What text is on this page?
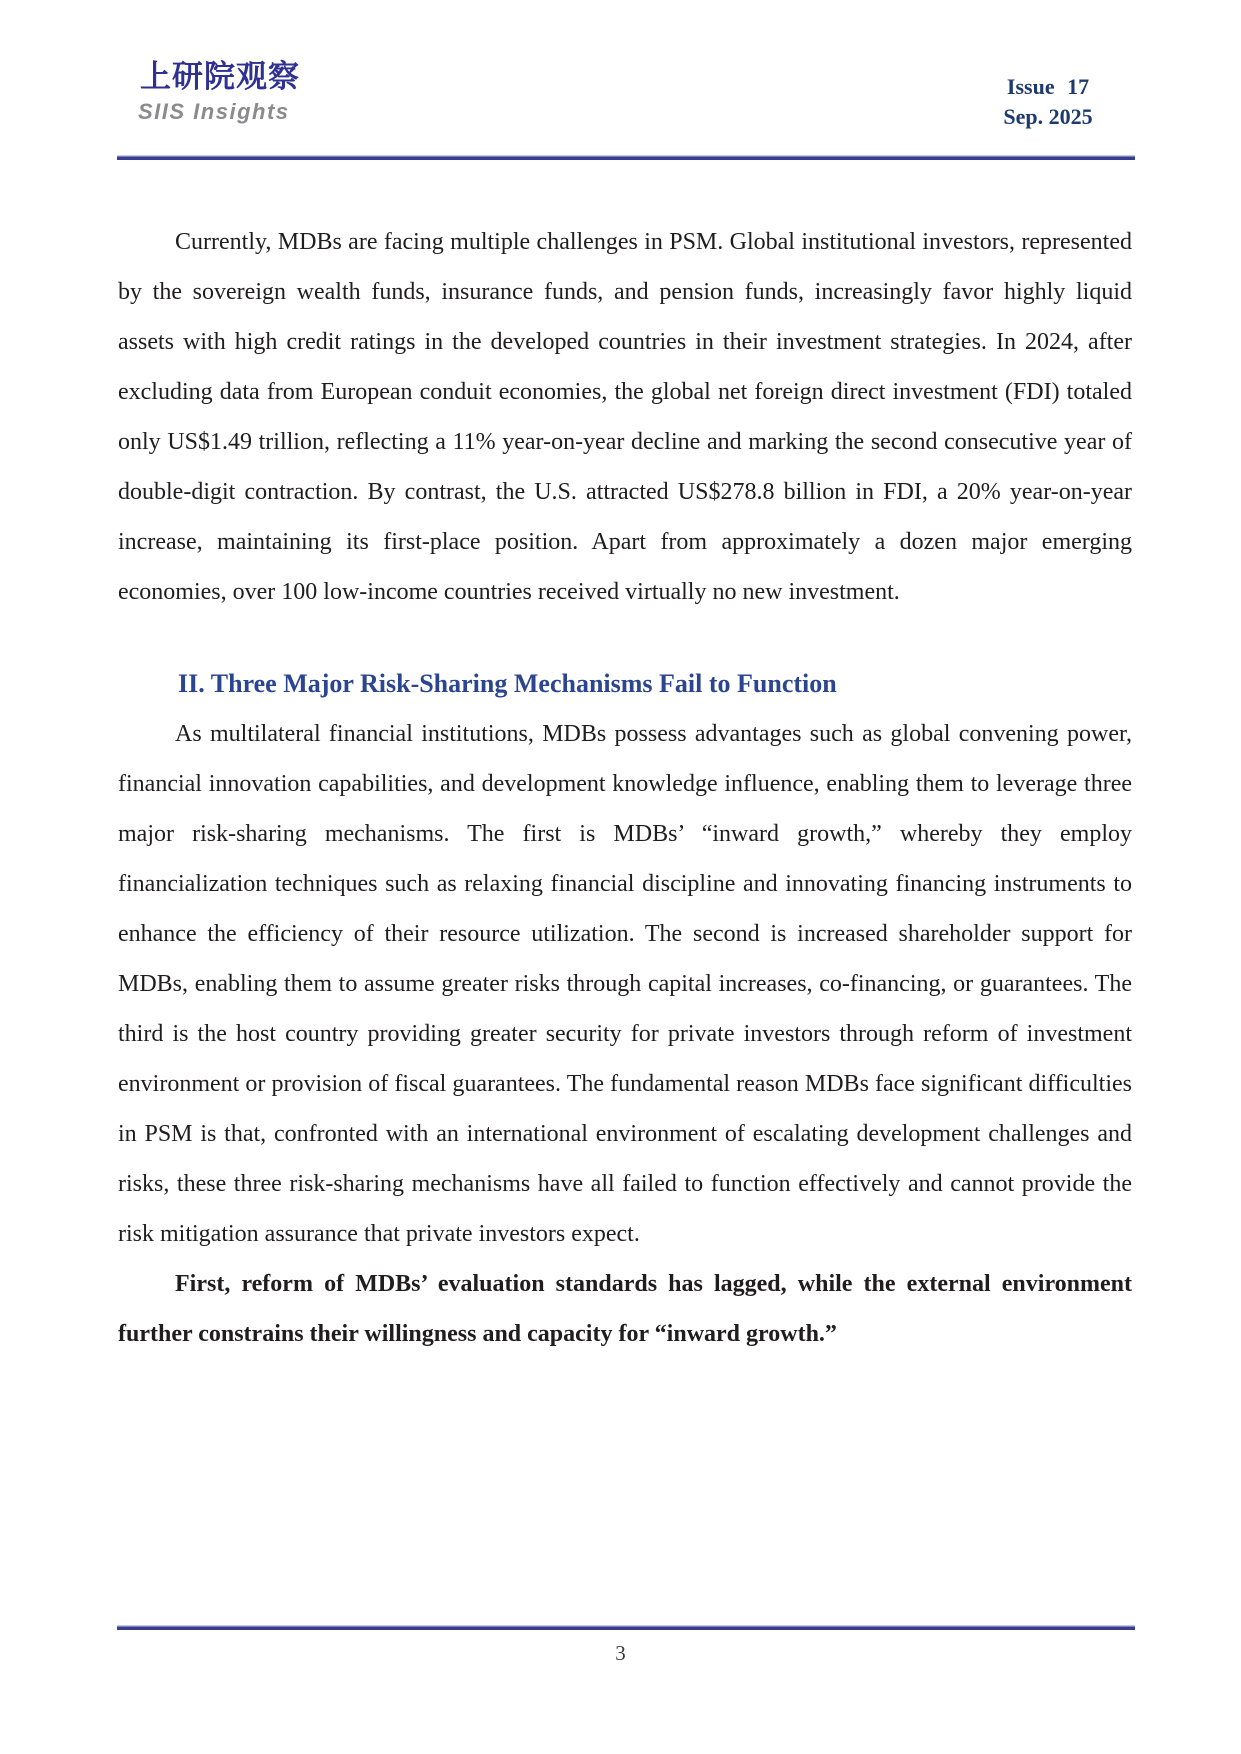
上研院观察
SIIS Insights
Issue 17
Sep. 2025

Currently, MDBs are facing multiple challenges in PSM. Global institutional investors, represented by the sovereign wealth funds, insurance funds, and pension funds, increasingly favor highly liquid assets with high credit ratings in the developed countries in their investment strategies. In 2024, after excluding data from European conduit economies, the global net foreign direct investment (FDI) totaled only US$1.49 trillion, reflecting a 11% year-on-year decline and marking the second consecutive year of double-digit contraction. By contrast, the U.S. attracted US$278.8 billion in FDI, a 20% year-on-year increase, maintaining its first-place position. Apart from approximately a dozen major emerging economies, over 100 low-income countries received virtually no new investment.

II. Three Major Risk-Sharing Mechanisms Fail to Function

As multilateral financial institutions, MDBs possess advantages such as global convening power, financial innovation capabilities, and development knowledge influence, enabling them to leverage three major risk-sharing mechanisms. The first is MDBs’ “inward growth,” whereby they employ financialization techniques such as relaxing financial discipline and innovating financing instruments to enhance the efficiency of their resource utilization. The second is increased shareholder support for MDBs, enabling them to assume greater risks through capital increases, co-financing, or guarantees. The third is the host country providing greater security for private investors through reform of investment environment or provision of fiscal guarantees. The fundamental reason MDBs face significant difficulties in PSM is that, confronted with an international environment of escalating development challenges and risks, these three risk-sharing mechanisms have all failed to function effectively and cannot provide the risk mitigation assurance that private investors expect.

First, reform of MDBs’ evaluation standards has lagged, while the external environment further constrains their willingness and capacity for “inward growth.”

3
